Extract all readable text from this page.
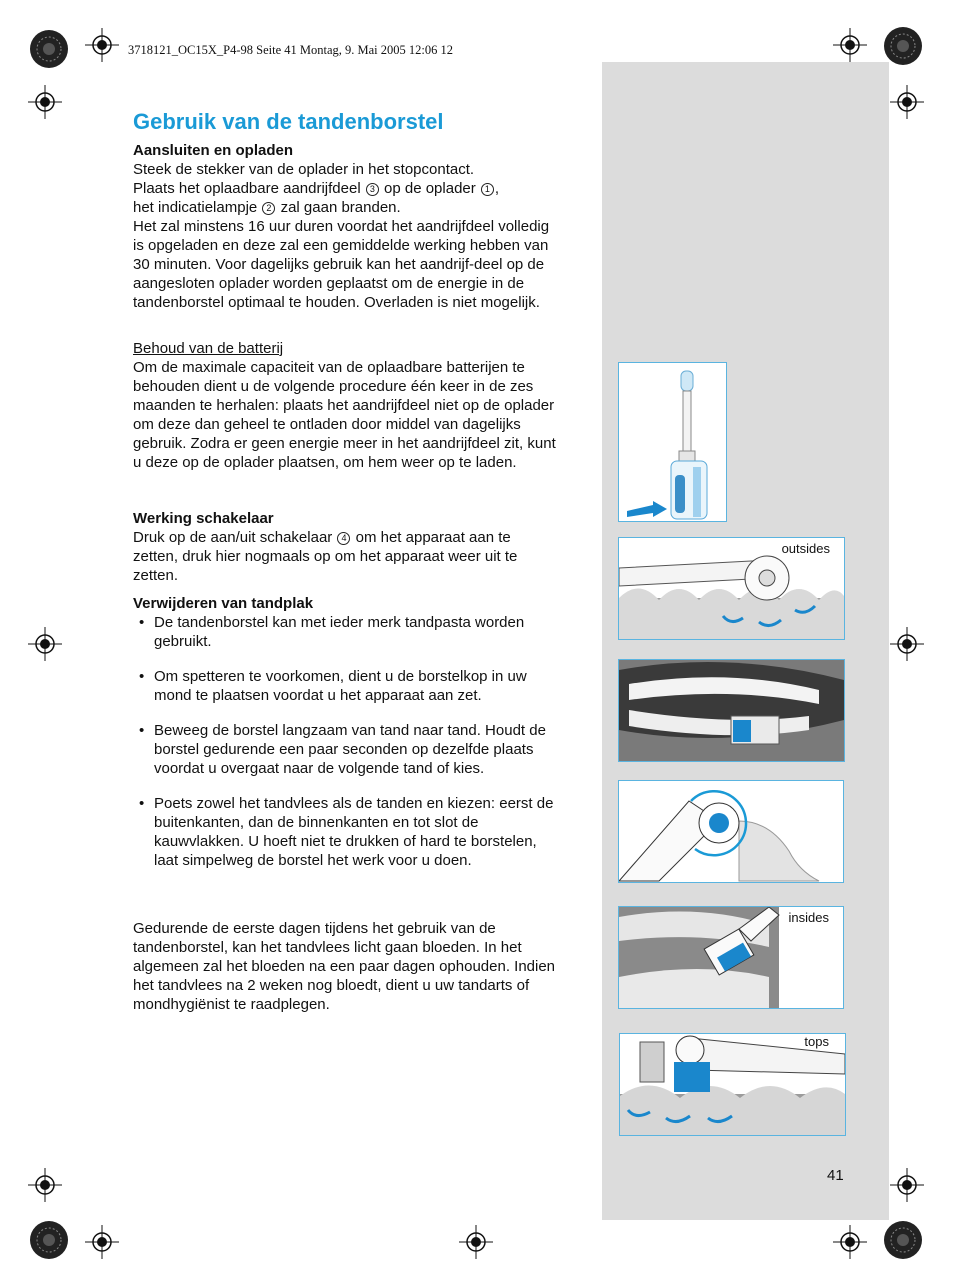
3718121_OC15X_P4-98 Seite 41 Montag, 9. Mai 2005 12:06 12
Gebruik van de tandenborstel

Aansluiten en opladen

Steek de stekker van de oplader in het stopcontact.

Plaats het oplaadbare aandrijfdeel 3 op de oplader 1 ,

het indicatielampje 2 zal gaan branden.

Het zal minstens 16 uur duren voordat het aandrijfdeel volledig is opgeladen en deze zal een gemiddelde werking hebben van 30 minuten. Voor dagelijks gebruik kan het aandrijf-deel op de aangesloten oplader worden geplaatst om de energie in de tandenborstel optimaal te houden. Overladen is niet mogelijk.

Behoud van de batterij

Om de maximale capaciteit van de oplaadbare batterijen te behouden dient u de volgende procedure één keer in de zes maanden te herhalen: plaats het aandrijfdeel niet op de oplader om deze dan geheel te ontladen door middel van dagelijks gebruik. Zodra er geen energie meer in het aandrijfdeel zit, kunt u deze op de oplader plaatsen, om hem weer op te laden.

Werking schakelaar

Druk op de aan/uit schakelaar 4 om het apparaat aan te zetten, druk hier nogmaals op om het apparaat weer uit te zetten.

Verwijderen van tandplak

• De tandenborstel kan met ieder merk tandpasta worden gebruikt.
• Om spetteren te voorkomen, dient u de borstelkop in uw mond te plaatsen voordat u het apparaat aan zet.
• Beweeg de borstel langzaam van tand naar tand. Houdt de borstel gedurende een paar seconden op dezelfde plaats voordat u overgaat naar de volgende tand of kies.
• Poets zowel het tandvlees als de tanden en kiezen: eerst de buitenkanten, dan de binnenkanten en tot slot de kauwvlakken. U hoeft niet te drukken of hard te borstelen, laat simpelweg de borstel het werk voor u doen.

Gedurende de eerste dagen tijdens het gebruik van de tandenborstel, kan het tandvlees licht gaan bloeden. In het algemeen zal het bloeden na een paar dagen ophouden. Indien het tandvlees na 2 weken nog bloedt, dient u uw tandarts of mondhygiënist te raadplegen.

outsides
insides
tops
41
